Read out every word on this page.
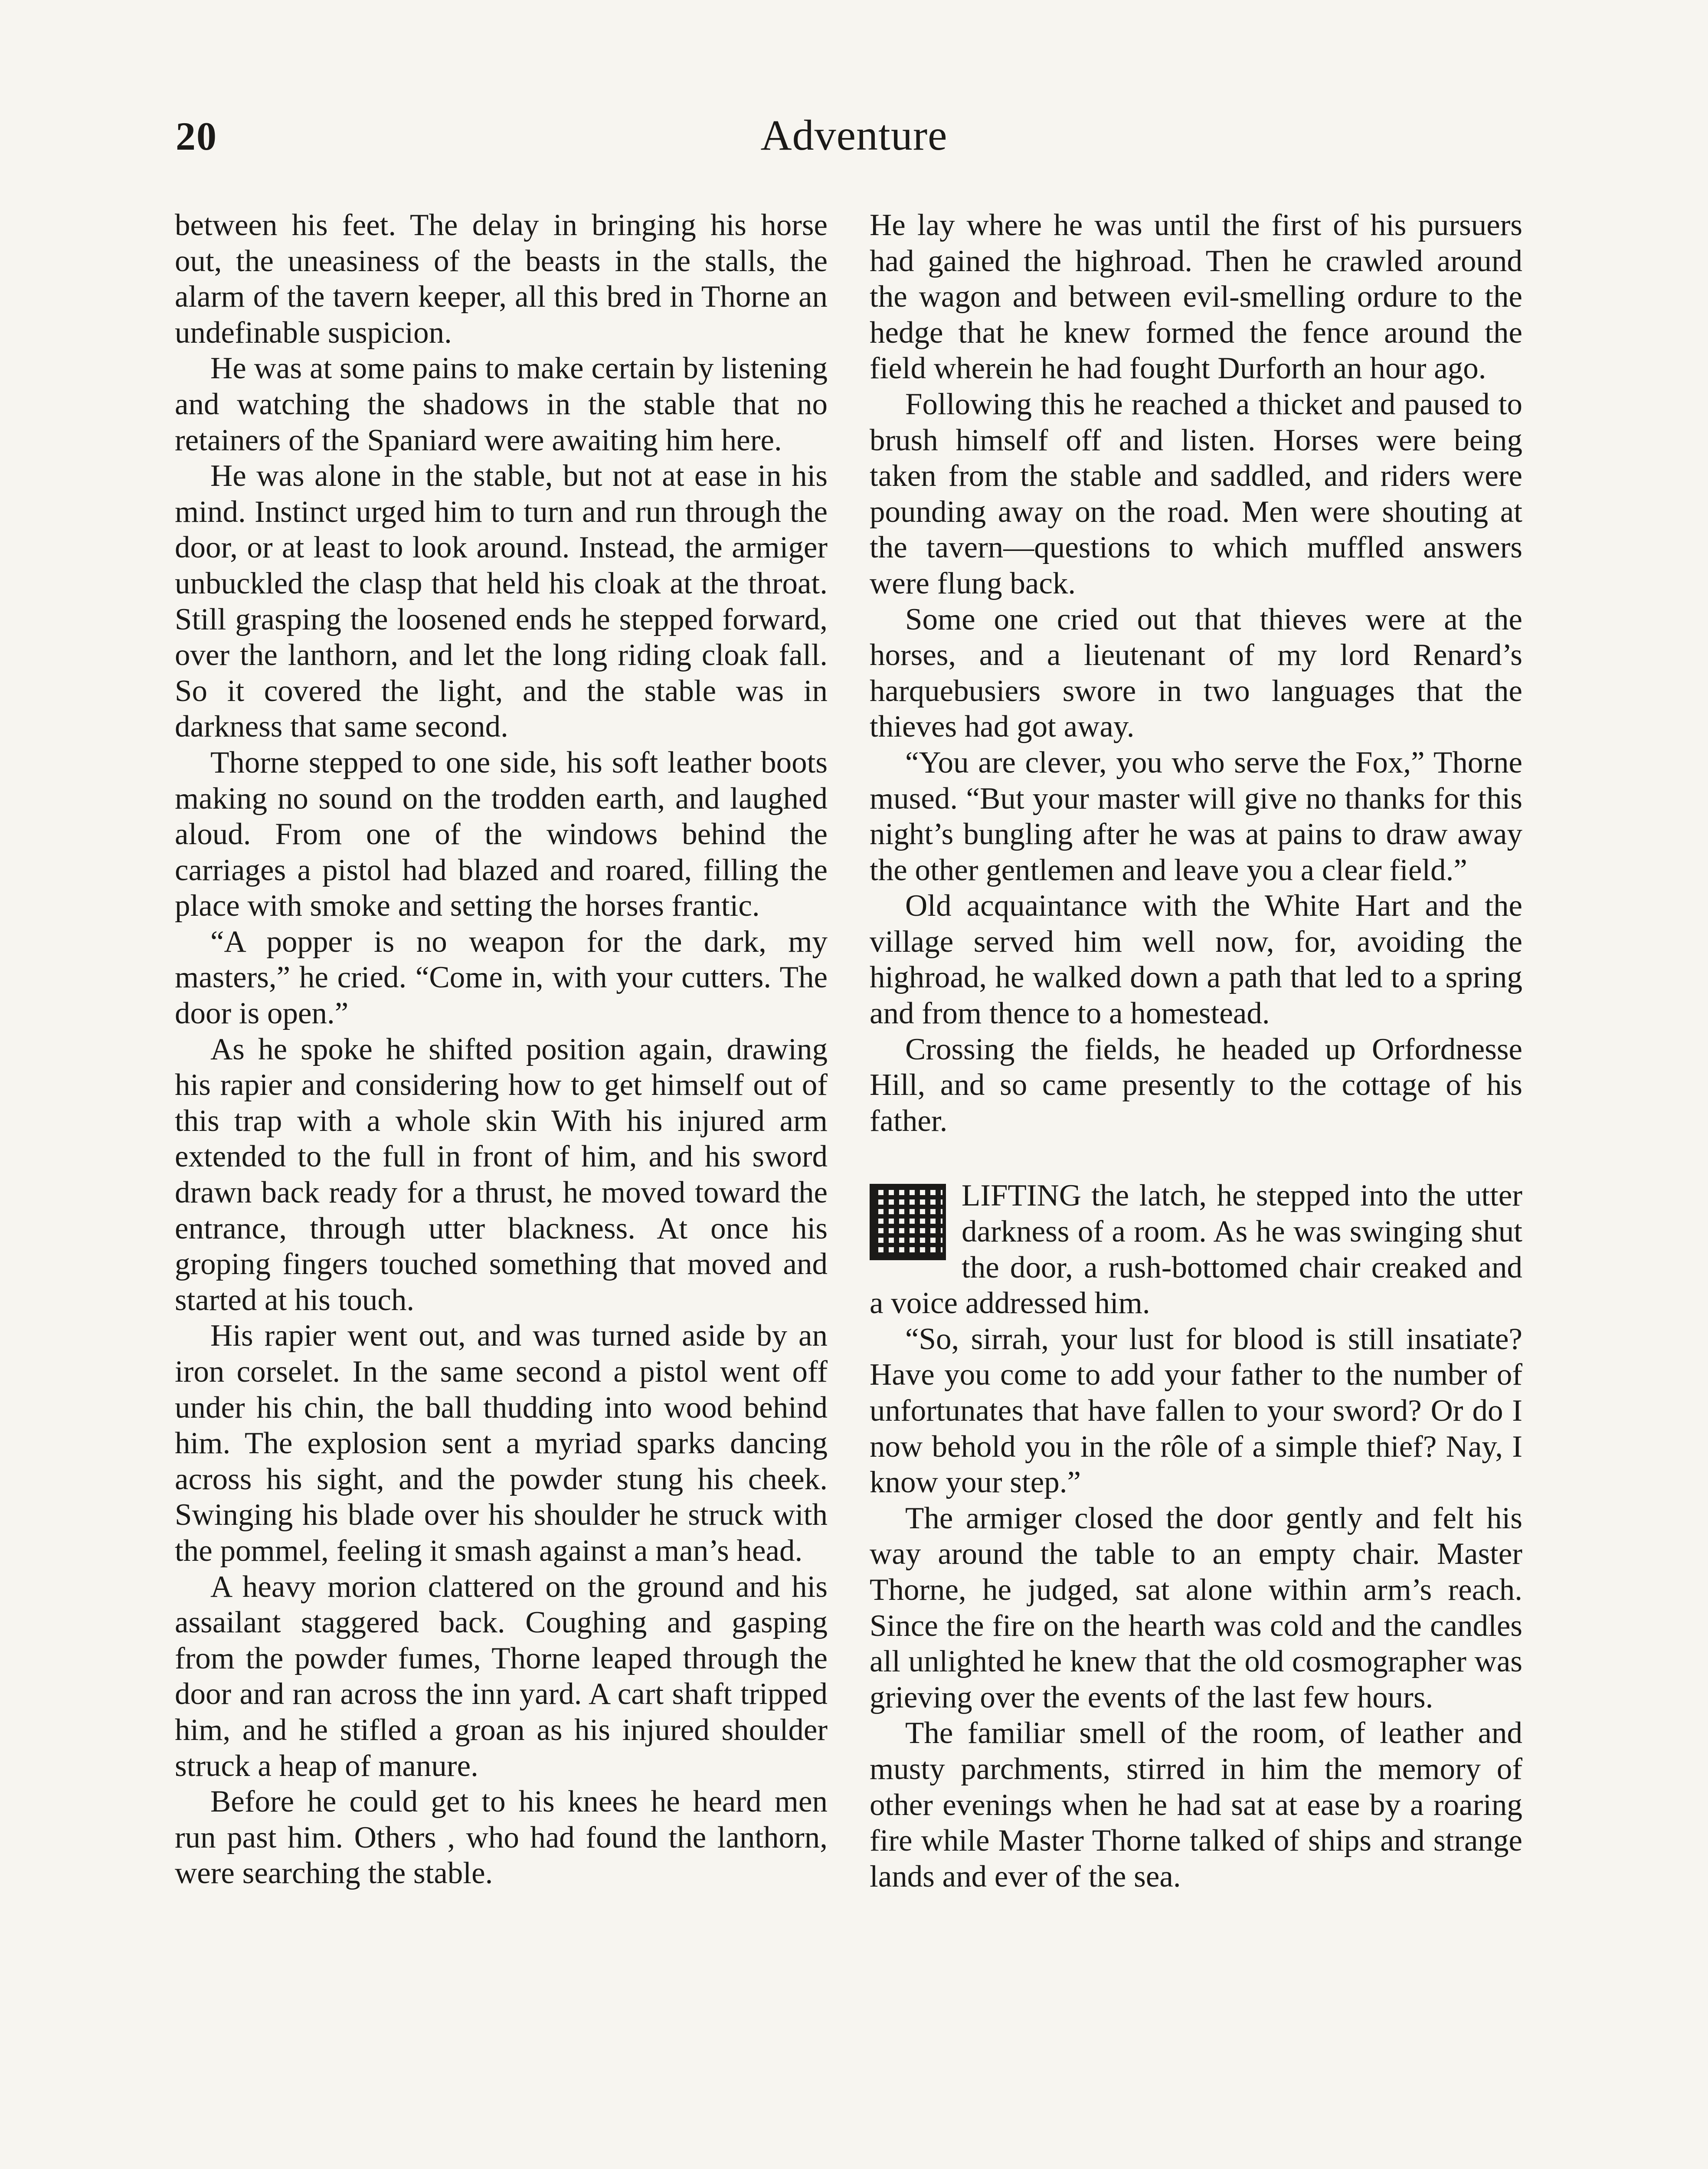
20	Adventure

between his feet. The delay in bringing his horse out, the uneasiness of the beasts in the stalls, the alarm of the tavern keeper, all this bred in Thorne an undefinable suspicion.

He was at some pains to make certain by listening and watching the shadows in the stable that no retainers of the Spaniard were awaiting him here.

He was alone in the stable, but not at ease in his mind. Instinct urged him to turn and run through the door, or at least to look around. Instead, the armiger unbuckled the clasp that held his cloak at the throat. Still grasping the loosened ends he stepped forward, over the lanthorn, and let the long riding cloak fall. So it covered the light, and the stable was in darkness that same second.

Thorne stepped to one side, his soft leather boots making no sound on the trodden earth, and laughed aloud. From one of the windows behind the carriages a pistol had blazed and roared, filling the place with smoke and setting the horses frantic.

“A popper is no weapon for the dark, my masters,” he cried. “Come in, with your cutters. The door is open.”

As he spoke he shifted position again, drawing his rapier and considering how to get himself out of this trap with a whole skin With his injured arm extended to the full in front of him, and his sword drawn back ready for a thrust, he moved toward the entrance, through utter blackness. At once his groping fingers touched something that moved and started at his touch.

His rapier went out, and was turned aside by an iron corselet. In the same second a pistol went off under his chin, the ball thudding into wood behind him. The explosion sent a myriad sparks dancing across his sight, and the powder stung his cheek. Swinging his blade over his shoulder he struck with the pommel, feeling it smash against a man’s head.

A heavy morion clattered on the ground and his assailant staggered back. Coughing and gasping from the powder fumes, Thorne leaped through the door and ran across the inn yard. A cart shaft tripped him, and he stifled a groan as his injured shoulder struck a heap of manure.

Before he could get to his knees he heard men run past him. Others , who had found the lanthorn, were searching the stable.

He lay where he was until the first of his pursuers had gained the highroad. Then he crawled around the wagon and between evil-smelling ordure to the hedge that he knew formed the fence around the field wherein he had fought Durforth an hour ago.

Following this he reached a thicket and paused to brush himself off and listen. Horses were being taken from the stable and saddled, and riders were pounding away on the road. Men were shouting at the tavern—questions to which muffled answers were flung back.

Some one cried out that thieves were at the horses, and a lieutenant of my lord Renard’s harquebusiers swore in two languages that the thieves had got away.

“You are clever, you who serve the Fox,” Thorne mused. “But your master will give no thanks for this night’s bungling after he was at pains to draw away the other gentlemen and leave you a clear field.”

Old acquaintance with the White Hart and the village served him well now, for, avoiding the highroad, he walked down a path that led to a spring and from thence to a homestead.

Crossing the fields, he headed up Orfordnesse Hill, and so came presently to the cottage of his father.

LIFTING the latch, he stepped into the utter darkness of a room. As he was swinging shut the door, a rush-bottomed chair creaked and a voice addressed him.

“So, sirrah, your lust for blood is still insatiate? Have you come to add your father to the number of unfortunates that have fallen to your sword? Or do I now behold you in the rôle of a simple thief? Nay, I know your step.”

The armiger closed the door gently and felt his way around the table to an empty chair. Master Thorne, he judged, sat alone within arm’s reach. Since the fire on the hearth was cold and the candles all unlighted he knew that the old cosmographer was grieving over the events of the last few hours.

The familiar smell of the room, of leather and musty parchments, stirred in him the memory of other evenings when he had sat at ease by a roaring fire while Master Thorne talked of ships and strange lands and ever of the sea.
